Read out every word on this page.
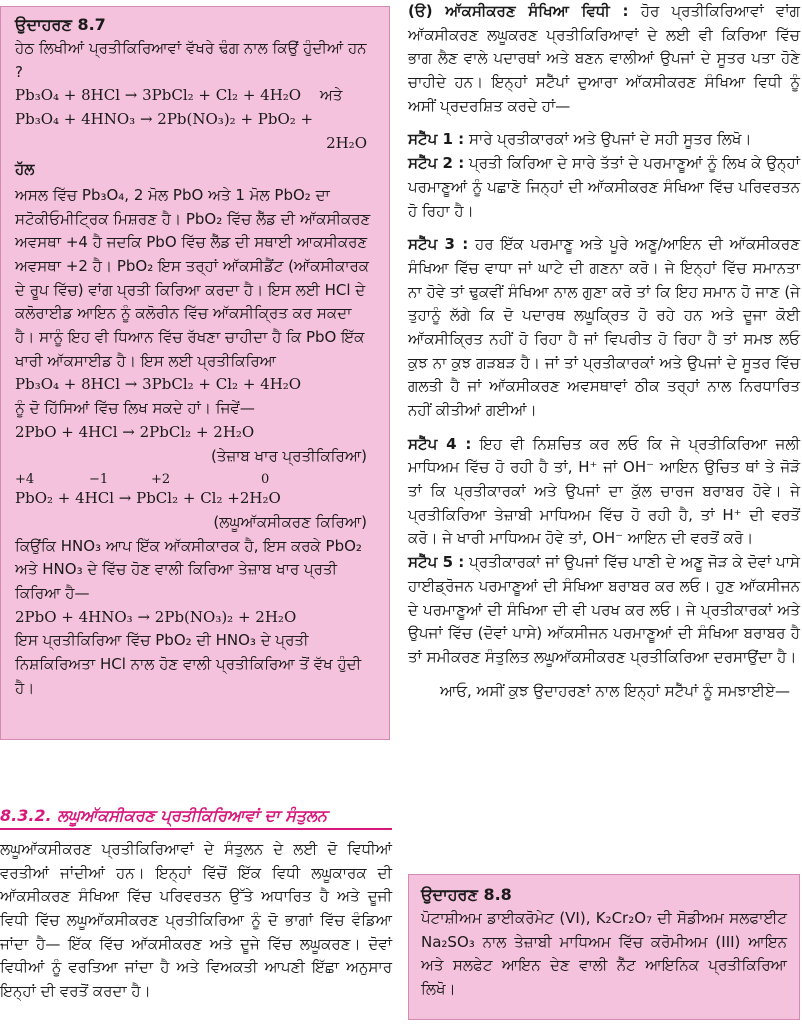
ਉਦਾਹਰਣ 8.7

ਹੇਠ ਲਿਖੀਆਂ ਪ੍ਰਤੀਕਿਰਿਆਵਾਂ ਵੱਖਰੇ ਢੰਗ ਨਾਲ ਕਿਉਂ ਹੁੰਦੀਆਂ ਹਨ ?

Pb₃O₄ + 8HCl → 3PbCl₂ + Cl₂ + 4H₂O ਅਤੇ
Pb₃O₄ + 4HNO₃ → 2Pb(NO₃)₂ + PbO₂ +
2H₂O
ਹੱਲ

ਅਸਲ ਵਿੱਚ Pb₃O₄, 2 ਮੋਲ PbO ਅਤੇ 1 ਮੋਲ PbO₂ ਦਾ ਸਟੋਕੀਓਮੀਟ੍ਰਿਕ ਮਿਸ਼ਰਣ ਹੈ। PbO₂ ਵਿੱਚ ਲੈੱਡ ਦੀ ਆੱਕਸੀਕਰਣ ਅਵਸਥਾ +4 ਹੈ ਜਦਕਿ PbO ਵਿੱਚ ਲੈੱਡ ਦੀ ਸਥਾਈ ਆਕਸੀਕਰਣ ਅਵਸਥਾ +2 ਹੈ। PbO₂ ਇਸ ਤਰ੍ਹਾਂ ਆੱਕਸੀਡੈਂਟ (ਆੱਕਸੀਕਾਰਕ ਦੇ ਰੂਪ ਵਿੱਚ) ਵਾਂਗ ਪ੍ਰਤੀ ਕਿਰਿਆ ਕਰਦਾ ਹੈ। ਇਸ ਲਈ HCl ਦੇ ਕਲੋਰਾਈਡ ਆਇਨ ਨੂੰ ਕਲੋਰੀਨ ਵਿੱਚ ਆੱਕਸੀਕ੍ਰਿਤ ਕਰ ਸਕਦਾ ਹੈ। ਸਾਨੂੰ ਇਹ ਵੀ ਧਿਆਨ ਵਿੱਚ ਰੱਖਣਾ ਚਾਹੀਦਾ ਹੈ ਕਿ PbO ਇੱਕ ਖਾਰੀ ਆੱਕਸਾਈਡ ਹੈ। ਇਸ ਲਈ ਪ੍ਰਤੀਕਿਰਿਆ

Pb₃O₄ + 8HCl → 3PbCl₂ + Cl₂ + 4H₂O

ਨੂੰ ਦੋ ਹਿੱਸਿਆਂ ਵਿੱਚ ਲਿਖ ਸਕਦੇ ਹਾਂ। ਜਿਵੇਂ—

2PbO + 4HCl → 2PbCl₂ + 2H₂O
(ਤੇਜ਼ਾਬ ਖਾਰ ਪ੍ਰਤੀਕਿਰਿਆ)
+4	−1	+2	0
PbO₂ + 4HCl → PbCl₂ + Cl₂ +2H₂O
(ਲਘੂਆੱਕਸੀਕਰਣ ਕਿਰਿਆ)

ਕਿਉਂਕਿ HNO₃ ਆਪ ਇੱਕ ਆੱਕਸੀਕਾਰਕ ਹੈ, ਇਸ ਕਰਕੇ PbO₂ ਅਤੇ HNO₃ ਦੇ ਵਿੱਚ ਹੋਣ ਵਾਲੀ ਕਿਰਿਆ ਤੇਜ਼ਾਬ ਖਾਰ ਪ੍ਰਤੀ ਕਿਰਿਆ ਹੈ—

2PbO + 4HNO₃ → 2Pb(NO₃)₂ + 2H₂O

ਇਸ ਪ੍ਰਤੀਕਿਰਿਆ ਵਿੱਚ PbO₂ ਦੀ HNO₃ ਦੇ ਪ੍ਰਤੀ ਨਿਸ਼ਕਿਰਿਅਤਾ HCl ਨਾਲ ਹੋਣ ਵਾਲੀ ਪ੍ਰਤੀਕਿਰਿਆ ਤੋਂ ਵੱਖ ਹੁੰਦੀ ਹੈ।

8.3.2. ਲਘੂਆੱਕਸੀਕਰਣ ਪ੍ਰਤੀਕਿਰਿਆਵਾਂ ਦਾ ਸੰਤੁਲਨ

ਲਘੂਆੱਕਸੀਕਰਣ ਪ੍ਰਤੀਕਿਰਿਆਵਾਂ ਦੇ ਸੰਤੁਲਨ ਦੇ ਲਈ ਦੋ ਵਿਧੀਆਂ ਵਰਤੀਆਂ ਜਾਂਦੀਆਂ ਹਨ। ਇਨ੍ਹਾਂ ਵਿੱਚੋਂ ਇੱਕ ਵਿਧੀ ਲਘੂਕਾਰਕ ਦੀ ਆੱਕਸੀਕਰਣ ਸੰਖਿਆ ਵਿੱਚ ਪਰਿਵਰਤਨ ਉੱਤੇ ਅਧਾਰਿਤ ਹੈ ਅਤੇ ਦੂਜੀ ਵਿਧੀ ਵਿੱਚ ਲਘੂਆੱਕਸੀਕਰਣ ਪ੍ਰਤੀਕਿਰਿਆ ਨੂੰ ਦੋ ਭਾਗਾਂ ਵਿੱਚ ਵੰਡਿਆ ਜਾਂਦਾ ਹੈ— ਇੱਕ ਵਿੱਚ ਆੱਕਸੀਕਰਣ ਅਤੇ ਦੂਜੇ ਵਿੱਚ ਲਘੂਕਰਣ। ਦੋਵਾਂ ਵਿਧੀਆਂ ਨੂੰ ਵਰਤਿਆ ਜਾਂਦਾ ਹੈ ਅਤੇ ਵਿਅਕਤੀ ਆਪਣੀ ਇੱਛਾ ਅਨੁਸਾਰ ਇਨ੍ਹਾਂ ਦੀ ਵਰਤੋਂ ਕਰਦਾ ਹੈ।

(ੳ) ਆੱਕਸੀਕਰਣ ਸੰਖਿਆ ਵਿਧੀ : ਹੋਰ ਪ੍ਰਤੀਕਿਰਿਆਵਾਂ ਵਾਂਗ ਆੱਕਸੀਕਰਣ ਲਘੂਕਰਣ ਪ੍ਰਤੀਕਿਰਿਆਵਾਂ ਦੇ ਲਈ ਵੀ ਕਿਰਿਆ ਵਿੱਚ ਭਾਗ ਲੈਣ ਵਾਲੇ ਪਦਾਰਥਾਂ ਅਤੇ ਬਣਨ ਵਾਲੀਆਂ ਉਪਜਾਂ ਦੇ ਸੂਤਰ ਪਤਾ ਹੋਣੇ ਚਾਹੀਦੇ ਹਨ। ਇਨ੍ਹਾਂ ਸਟੈੱਪਾਂ ਦੁਆਰਾ ਆੱਕਸੀਕਰਣ ਸੰਖਿਆ ਵਿਧੀ ਨੂੰ ਅਸੀਂ ਪ੍ਰਦਰਸ਼ਿਤ ਕਰਦੇ ਹਾਂ—

ਸਟੈੱਪ 1 : ਸਾਰੇ ਪ੍ਰਤੀਕਾਰਕਾਂ ਅਤੇ ਉਪਜਾਂ ਦੇ ਸਹੀ ਸੂਤਰ ਲਿਖੋ।

ਸਟੈੱਪ 2 : ਪ੍ਰਤੀ ਕਿਰਿਆ ਦੇ ਸਾਰੇ ਤੱਤਾਂ ਦੇ ਪਰਮਾਣੂਆਂ ਨੂੰ ਲਿਖ ਕੇ ਉਨ੍ਹਾਂ ਪਰਮਾਣੂਆਂ ਨੂੰ ਪਛਾਣੋ ਜਿਨ੍ਹਾਂ ਦੀ ਆੱਕਸੀਕਰਣ ਸੰਖਿਆ ਵਿੱਚ ਪਰਿਵਰਤਨ ਹੋ ਰਿਹਾ ਹੈ।

ਸਟੈੱਪ 3 : ਹਰ ਇੱਕ ਪਰਮਾਣੂ ਅਤੇ ਪੂਰੇ ਅਣੂ/ਆਇਨ ਦੀ ਆੱਕਸੀਕਰਣ ਸੰਖਿਆ ਵਿੱਚ ਵਾਧਾ ਜਾਂ ਘਾਟੇ ਦੀ ਗਣਨਾ ਕਰੋ। ਜੇ ਇਨ੍ਹਾਂ ਵਿੱਚ ਸਮਾਨਤਾ ਨਾ ਹੋਵੇ ਤਾਂ ਢੁਕਵੀਂ ਸੰਖਿਆ ਨਾਲ ਗੁਣਾ ਕਰੋ ਤਾਂ ਕਿ ਇਹ ਸਮਾਨ ਹੋ ਜਾਣ (ਜੇ ਤੁਹਾਨੂੰ ਲੱਗੇ ਕਿ ਦੋ ਪਦਾਰਥ ਲਘੂਕ੍ਰਿਤ ਹੋ ਰਹੇ ਹਨ ਅਤੇ ਦੂਜਾ ਕੋਈ ਆੱਕਸੀਕ੍ਰਿਤ ਨਹੀਂ ਹੋ ਰਿਹਾ ਹੈ ਜਾਂ ਵਿਪਰੀਤ ਹੋ ਰਿਹਾ ਹੈ ਤਾਂ ਸਮਝ ਲਓ ਕੁਝ ਨਾ ਕੁਝ ਗੜਬੜ ਹੈ। ਜਾਂ ਤਾਂ ਪ੍ਰਤੀਕਾਰਕਾਂ ਅਤੇ ਉਪਜਾਂ ਦੇ ਸੂਤਰ ਵਿੱਚ ਗਲਤੀ ਹੈ ਜਾਂ ਆੱਕਸੀਕਰਣ ਅਵਸਥਾਵਾਂ ਠੀਕ ਤਰ੍ਹਾਂ ਨਾਲ ਨਿਰਧਾਰਿਤ ਨਹੀਂ ਕੀਤੀਆਂ ਗਈਆਂ।

ਸਟੈੱਪ 4 : ਇਹ ਵੀ ਨਿਸ਼ਚਿਤ ਕਰ ਲਓ ਕਿ ਜੇ ਪ੍ਰਤੀਕਿਰਿਆ ਜਲੀ ਮਾਧਿਅਮ ਵਿੱਚ ਹੋ ਰਹੀ ਹੈ ਤਾਂ, H⁺ ਜਾਂ OH⁻ ਆਇਨ ਉਚਿਤ ਥਾਂ ਤੇ ਜੋੜੋ ਤਾਂ ਕਿ ਪ੍ਰਤੀਕਾਰਕਾਂ ਅਤੇ ਉਪਜਾਂ ਦਾ ਕੁੱਲ ਚਾਰਜ ਬਰਾਬਰ ਹੋਵੇ। ਜੇ ਪ੍ਰਤੀਕਿਰਿਆ ਤੇਜ਼ਾਬੀ ਮਾਧਿਅਮ ਵਿੱਚ ਹੋ ਰਹੀ ਹੈ, ਤਾਂ H⁺ ਦੀ ਵਰਤੋਂ ਕਰੋ। ਜੇ ਖਾਰੀ ਮਾਧਿਅਮ ਹੋਵੇ ਤਾਂ, OH⁻ ਆਇਨ ਦੀ ਵਰਤੋਂ ਕਰੋ।

ਸਟੈੱਪ 5 : ਪ੍ਰਤੀਕਾਰਕਾਂ ਜਾਂ ਉਪਜਾਂ ਵਿੱਚ ਪਾਣੀ ਦੇ ਅਣੂ ਜੋੜ ਕੇ ਦੋਵਾਂ ਪਾਸੇ ਹਾਈਡ੍ਰੋਜਨ ਪਰਮਾਣੂਆਂ ਦੀ ਸੰਖਿਆ ਬਰਾਬਰ ਕਰ ਲਓ। ਹੁਣ ਆੱਕਸੀਜਨ ਦੇ ਪਰਮਾਣੂਆਂ ਦੀ ਸੰਖਿਆ ਦੀ ਵੀ ਪਰਖ ਕਰ ਲਓ। ਜੇ ਪ੍ਰਤੀਕਾਰਕਾਂ ਅਤੇ ਉਪਜਾਂ ਵਿੱਚ (ਦੋਵਾਂ ਪਾਸੇ) ਆੱਕਸੀਜਨ ਪਰਮਾਣੂਆਂ ਦੀ ਸੰਖਿਆ ਬਰਾਬਰ ਹੈ ਤਾਂ ਸਮੀਕਰਣ ਸੰਤੁਲਿਤ ਲਘੂਆੱਕਸੀਕਰਣ ਪ੍ਰਤੀਕਿਰਿਆ ਦਰਸਾਉਂਦਾ ਹੈ।

ਆਓ, ਅਸੀਂ ਕੁਝ ਉਦਾਹਰਣਾਂ ਨਾਲ ਇਨ੍ਹਾਂ ਸਟੈੱਪਾਂ ਨੂੰ ਸਮਝਾਈਏ—

ਉਦਾਹਰਣ 8.8

ਪੋਟਾਸ਼ੀਅਮ ਡਾਈਕਰੋਮੇਟ (VI), K₂Cr₂O₇ ਦੀ ਸੋਡੀਅਮ ਸਲਫਾਈਟ Na₂SO₃ ਨਾਲ ਤੇਜ਼ਾਬੀ ਮਾਧਿਅਮ ਵਿੱਚ ਕਰੋਮੀਅਮ (III) ਆਇਨ ਅਤੇ ਸਲਫੇਟ ਆਇਨ ਦੇਣ ਵਾਲੀ ਨੈੱਟ ਆਇਨਿਕ ਪ੍ਰਤੀਕਿਰਿਆ ਲਿਖੋ।
